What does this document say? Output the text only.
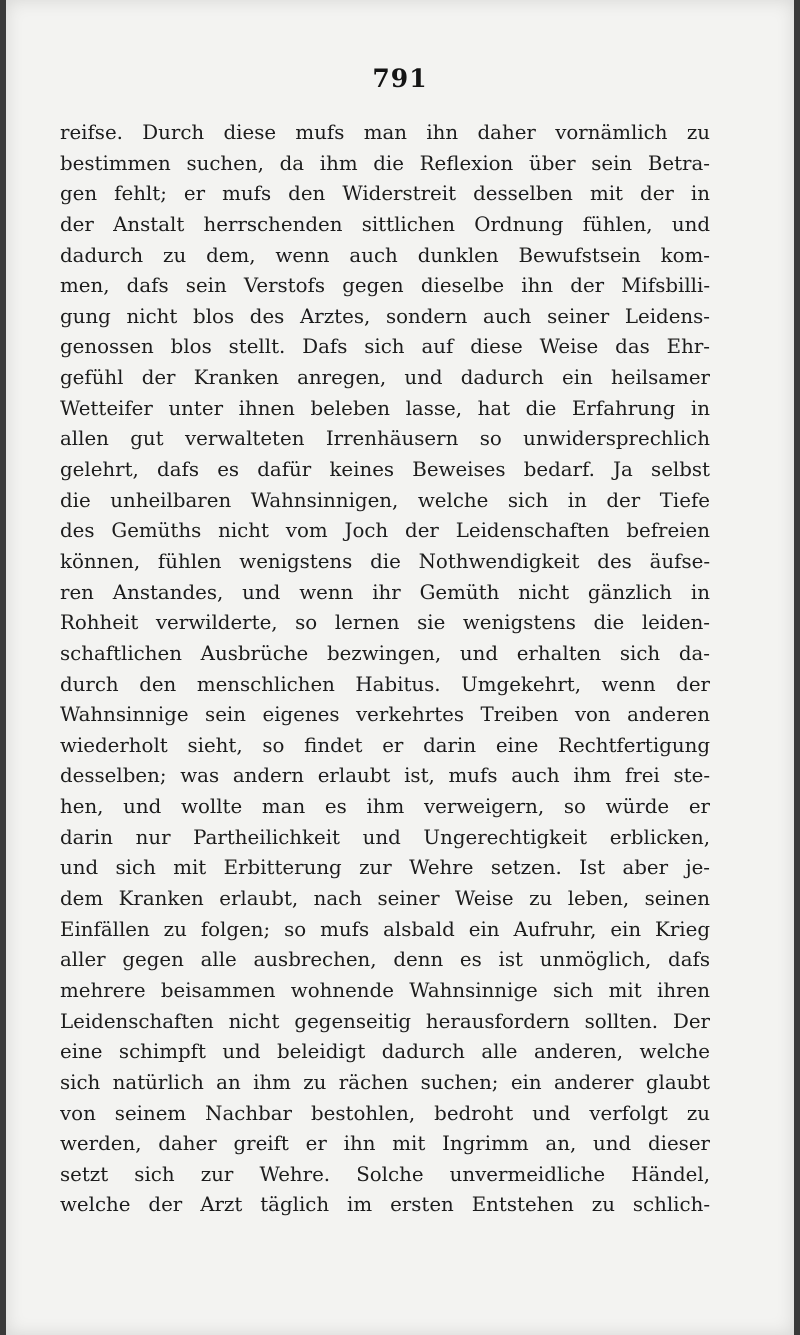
791
reifse. Durch diese mufs man ihn daher vornämlich zu
bestimmen suchen, da ihm die Reflexion über sein Betra-
gen fehlt; er mufs den Widerstreit desselben mit der in
der Anstalt herrschenden sittlichen Ordnung fühlen, und
dadurch zu dem, wenn auch dunklen Bewufstsein kom-
men, dafs sein Verstofs gegen dieselbe ihn der Mifsbilli-
gung nicht blos des Arztes, sondern auch seiner Leidens-
genossen blos stellt. Dafs sich auf diese Weise das Ehr-
gefühl der Kranken anregen, und dadurch ein heilsamer
Wetteifer unter ihnen beleben lasse, hat die Erfahrung in
allen gut verwalteten Irrenhäusern so unwidersprechlich
gelehrt, dafs es dafür keines Beweises bedarf. Ja selbst
die unheilbaren Wahnsinnigen, welche sich in der Tiefe
des Gemüths nicht vom Joch der Leidenschaften befreien
können, fühlen wenigstens die Nothwendigkeit des äufse-
ren Anstandes, und wenn ihr Gemüth nicht gänzlich in
Rohheit verwilderte, so lernen sie wenigstens die leiden-
schaftlichen Ausbrüche bezwingen, und erhalten sich da-
durch den menschlichen Habitus. Umgekehrt, wenn der
Wahnsinnige sein eigenes verkehrtes Treiben von anderen
wiederholt sieht, so findet er darin eine Rechtfertigung
desselben; was andern erlaubt ist, mufs auch ihm frei ste-
hen, und wollte man es ihm verweigern, so würde er
darin nur Partheilichkeit und Ungerechtigkeit erblicken,
und sich mit Erbitterung zur Wehre setzen. Ist aber je-
dem Kranken erlaubt, nach seiner Weise zu leben, seinen
Einfällen zu folgen; so mufs alsbald ein Aufruhr, ein Krieg
aller gegen alle ausbrechen, denn es ist unmöglich, dafs
mehrere beisammen wohnende Wahnsinnige sich mit ihren
Leidenschaften nicht gegenseitig herausfordern sollten. Der
eine schimpft und beleidigt dadurch alle anderen, welche
sich natürlich an ihm zu rächen suchen; ein anderer glaubt
von seinem Nachbar bestohlen, bedroht und verfolgt zu
werden, daher greift er ihn mit Ingrimm an, und dieser
setzt sich zur Wehre. Solche unvermeidliche Händel,
welche der Arzt täglich im ersten Entstehen zu schlich-
